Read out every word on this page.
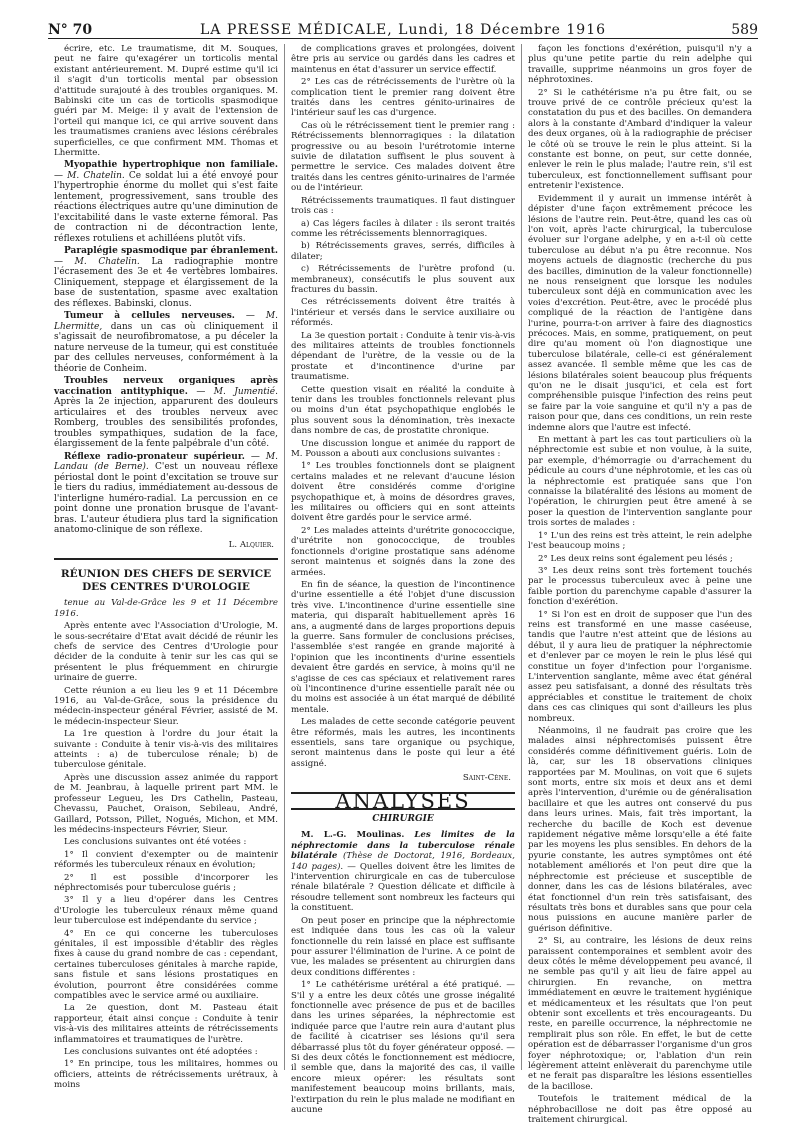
N° 70	LA PRESSE MÉDICALE, Lundi, 18 Décembre 1916	589

écrire, etc. Le traumatisme, dit M. Souques, peut ne faire qu'exagérer un torticolis mental existant antérieurement. M. Dupré estime qu'il ici il s'agit d'un torticolis mental par obsession d'attitude surajouté à des troubles organiques. M. Babinski cite un cas de torticolis spasmodique guéri par M. Meige: il y avait de l'extension de l'orteil qui manque ici, ce qui arrive souvent dans les traumatismes craniens avec lésions cérébrales superficielles, ce que confirment MM. Thomas et Lhermitte.

Myopathie hypertrophique non familiale. — M. Chatelin. Ce soldat lui a été envoyé pour l'hypertrophie énorme du mollet qui s'est faite lentement, progressivement, sans trouble des réactions électriques autre qu'une diminution de l'excitabilité dans le vaste externe fémoral. Pas de contraction ni de décontraction lente, réflexes rotuliens et achilléens plutôt vifs.

Paraplégie spasmodique par ébranlement. — M. Chatelin. La radiographie montre l'écrasement des 3e et 4e vertèbres lombaires. Cliniquement, steppage et élargissement de la base de sustentation, spasme avec exaltation des réflexes. Babinski, clonus.

Tumeur à cellules nerveuses. — M. Lhermitte, dans un cas où cliniquement il s'agissait de neurofibromatose, a pu déceler la nature nerveuse de la tumeur, qui est constituée par des cellules nerveuses, conformément à la théorie de Conheim.

Troubles nerveux organiques après vaccination antityphique. — M. Jumentié. Après la 2e injection, apparurent des douleurs articulaires et des troubles nerveux avec Romberg, troubles des sensibilités profondes, troubles sympathiques, sudation de la face, élargissement de la fente palpébrale d'un côté.

Réflexe radio-pronateur supérieur. — M. Landau (de Berne). C'est un nouveau réflexe périostal dont le point d'excitation se trouve sur le tiers du radius, immédiatement au-dessous de l'interligne huméro-radial. La percussion en ce point donne une pronation brusque de l'avant-bras. L'auteur étudiera plus tard la signification anatomo-clinique de son réflexe.

L. Alquier.
RÉUNION DES CHEFS DE SERVICE DES CENTRES D'UROLOGIE

tenue au Val-de-Grâce les 9 et 11 Décembre 1916.

Après entente avec l'Association d'Urologie, M. le sous-secrétaire d'Etat avait décidé de réunir les chefs de service des Centres d'Urologie pour décider de la conduite à tenir sur les cas qui se présentent le plus fréquemment en chirurgie urinaire de guerre.

Cette réunion a eu lieu les 9 et 11 Décembre 1916, au Val-de-Grâce, sous la présidence du médecin-inspecteur général Février, assisté de M. le médecin-inspecteur Sieur.

La 1re question à l'ordre du jour était la suivante : Conduite à tenir vis-à-vis des militaires atteints : a) de tuberculose rénale; b) de tuberculose génitale.

Après une discussion assez animée du rapport de M. Jeanbrau, à laquelle prirent part MM. le professeur Legueu, les Drs Cathelin, Pasteau, Chevassu, Pauchet, Oraison, Sebileau, André, Gaillard, Potsson, Pillet, Nogués, Michon, et MM. les médecins-inspecteurs Février, Sieur.

Les conclusions suivantes ont été votées :

1° Il convient d'exempter ou de maintenir réformés les tuberculeux rénaux en évolution;

2° Il est possible d'incorporer les néphrectomisés pour tuberculose guéris ;

3° Il y a lieu d'opérer dans les Centres d'Urologie les tuberculeux rénaux même quand leur tuberculose est indépendante du service ;

4° En ce qui concerne les tuberculoses génitales, il est impossible d'établir des règles fixes à cause du grand nombre de cas : cependant, certaines tuberculoses génitales à marche rapide, sans fistule et sans lésions prostatiques en évolution, pourront être considérées comme compatibles avec le service armé ou auxiliaire.

La 2e question, dont M. Pasteau était rapporteur, était ainsi conçue : Conduite à tenir vis-à-vis des militaires atteints de rétrécissements inflammatoires et traumatiques de l'urètre.

Les conclusions suivantes ont été adoptées :

1° En principe, tous les militaires, hommes ou officiers, atteints de rétrécissements urétraux, à moins

de complications graves et prolongées, doivent être pris au service ou gardés dans les cadres et maintenus en état d'assurer un service effectif.

2° Les cas de rétrécissements de l'urètre où la complication tient le premier rang doivent être traités dans les centres génito-urinaires de l'intérieur sauf les cas d'urgence.

Cas où le rétrécissement tient le premier rang : Rétrécissements blennorragiques : la dilatation progressive ou au besoin l'urétrotomie interne suivie de dilatation suffisent le plus souvent à permettre le service. Ces malades doivent être traités dans les centres génito-urinaires de l'armée ou de l'intérieur.

Rétrécissements traumatiques. Il faut distinguer trois cas :

a) Cas légers faciles à dilater : ils seront traités comme les rétrécissements blennorragiques.

b) Rétrécissements graves, serrés, difficiles à dilater;

c) Rétrécissements de l'urètre profond (u. membraneux), consécutifs le plus souvent aux fractures du bassin.

Ces rétrécissements doivent être traités à l'intérieur et versés dans le service auxiliaire ou réformés.

La 3e question portait : Conduite à tenir vis-à-vis des militaires atteints de troubles fonctionnels dépendant de l'urètre, de la vessie ou de la prostate et d'incontinence d'urine par traumatisme.

Cette question visait en réalité la conduite à tenir dans les troubles fonctionnels relevant plus ou moins d'un état psychopathique englobés le plus souvent sous la dénomination, très inexacte dans nombre de cas, de prostatite chronique.

Une discussion longue et animée du rapport de M. Pousson a abouti aux conclusions suivantes :

1° Les troubles fonctionnels dont se plaignent certains malades et ne relevant d'aucune lésion doivent être considérés comme d'origine psychopathique et, à moins de désordres graves, les militaires ou officiers qui en sont atteints doivent être gardés pour le service armé.

2° Les malades atteints d'urétrite gonococcique, d'urétrite non gonococcique, de troubles fonctionnels d'origine prostatique sans adénome seront maintenus et soignés dans la zone des armées.

En fin de séance, la question de l'incontinence d'urine essentielle a été l'objet d'une discussion très vive. L'incontinence d'urine essentielle sine materia, qui disparaît habituellement après 16 ans, a augmenté dans de larges proportions depuis la guerre. Sans formuler de conclusions précises, l'assemblée s'est rangée en grande majorité à l'opinion que les incontinents d'urine essentiels devaient être gardés en service, à moins qu'il ne s'agisse de ces cas spéciaux et relativement rares où l'incontinence d'urine essentielle paraît née ou du moins est associée à un état marqué de débilité mentale.

Les malades de cette seconde catégorie peuvent être réformés, mais les autres, les incontinents essentiels, sans tare organique ou psychique, seront maintenus dans le poste qui leur a été assigné.

Saint-Cène.
ANALYSES
CHIRURGIE

M. L.-G. Moulinas. Les limites de la néphrectomie dans la tuberculose rénale bilatérale (Thèse de Doctorat, 1916, Bordeaux, 140 pages). — Quelles doivent être les limites de l'intervention chirurgicale en cas de tuberculose rénale bilatérale ? Question délicate et difficile à résoudre tellement sont nombreux les facteurs qui la constituent.

On peut poser en principe que la néphrectomie est indiquée dans tous les cas où la valeur fonctionnelle du rein laissé en place est suffisante pour assurer l'élimination de l'urine. A ce point de vue, les malades se présentent au chirurgien dans deux conditions différentes :

1° Le cathétérisme urétéral a été pratiqué. — S'il y a entre les deux côtés une grosse inégalité fonctionnelle avec présence de pus et de bacilles dans les urines séparées, la néphrectomie est indiquée parce que l'autre rein aura d'autant plus de facilité à cicatriser ses lésions qu'il sera débarrassé plus tôt du foyer générateur opposé. — Si des deux côtés le fonctionnement est médiocre, il semble que, dans la majorité des cas, il vaille encore mieux opérer: les résultats sont manifestement beaucoup moins brillants, mais, l'extirpation du rein le plus malade ne modifiant en aucune

façon les fonctions d'exérétion, puisqu'il n'y a plus qu'une petite partie du rein adelphe qui travaille, supprime néanmoins un gros foyer de néphrotoxines.

2° Si le cathétérisme n'a pu être fait, ou se trouve privé de ce contrôle précieux qu'est la constatation du pus et des bacilles. On demandera alors à la constante d'Ambard d'indiquer la valeur des deux organes, où à la radiographie de préciser le côté où se trouve le rein le plus atteint. Si la constante est bonne, on peut, sur cette donnée, enlever le rein le plus malade; l'autre rein, s'il est tuberculeux, est fonctionnellement suffisant pour entretenir l'existence.

Evidemment il y aurait un immense intérêt à dépister d'une façon extrêmement précoce les lésions de l'autre rein. Peut-être, quand les cas où l'on voit, après l'acte chirurgical, la tuberculose évoluer sur l'organe adelphe, y en a-t-il où cette tuberculose au début n'a pu être reconnue. Nos moyens actuels de diagnostic (recherche du pus des bacilles, diminution de la valeur fonctionnelle) ne nous renseignent que lorsque les nodules tuberculeux sont déjà en communication avec les voies d'excrétion. Peut-être, avec le procédé plus compliqué de la réaction de l'antigène dans l'urine, pourra-t-on arriver à faire des diagnostics précoces. Mais, en somme, pratiquement, on peut dire qu'au moment où l'on diagnostique une tuberculose bilatérale, celle-ci est généralement assez avancée. Il semble même que les cas de lésions bilatérales soient beaucoup plus fréquents qu'on ne le disait jusqu'ici, et cela est fort compréhensible puisque l'infection des reins peut se faire par la voie sanguine et qu'il n'y a pas de raison pour que, dans ces conditions, un rein reste indemne alors que l'autre est infecté.

En mettant à part les cas tout particuliers où la néphrectomie est subie et non voulue, à la suite, par exemple, d'hémorragie ou d'arrachement du pédicule au cours d'une néphrotomie, et les cas où la néphrectomie est pratiquée sans que l'on connaisse la bilatéralité des lésions au moment de l'opération, le chirurgien peut être amené à se poser la question de l'intervention sanglante pour trois sortes de malades :

1° L'un des reins est très atteint, le rein adelphe l'est beaucoup moins ;

2° Les deux reins sont également peu lésés ;

3° Les deux reins sont très fortement touchés par le processus tuberculeux avec à peine une faible portion du parenchyme capable d'assurer la fonction d'exérétion.

1° Si l'on est en droit de supposer que l'un des reins est transformé en une masse caséeuse, tandis que l'autre n'est atteint que de lésions au début, il y aura lieu de pratiquer la néphrectomie et d'enlever par ce moyen le rein le plus lésé qui constitue un foyer d'infection pour l'organisme. L'intervention sanglante, même avec état général assez peu satisfaisant, a donné des résultats très appréciables et constitue le traitement de choix dans ces cas cliniques qui sont d'ailleurs les plus nombreux.

Néanmoins, il ne faudrait pas croire que les malades ainsi néphrectomisés puissent être considérés comme définitivement guéris. Loin de là, car, sur les 18 observations cliniques rapportées par M. Moulinas, on voit que 6 sujets sont morts, entre six mois et deux ans et demi après l'intervention, d'urémie ou de généralisation bacillaire et que les autres ont conservé du pus dans leurs urines. Mais, fait très important, la recherche du bacille de Koch est devenue rapidement négative même lorsqu'elle a été faite par les moyens les plus sensibles. En dehors de la pyurie constante, les autres symptômes ont été notablement améliorés et l'on peut dire que la néphrectomie est précieuse et susceptible de donner, dans les cas de lésions bilatérales, avec état fonctionnel d'un rein très satisfaisant, des résultats très bons et durables sans que pour cela nous puissions en aucune manière parler de guérison définitive.

2° Si, au contraire, les lésions de deux reins paraissent contemporaines et semblent avoir des deux côtés le même développement peu avancé, il ne semble pas qu'il y ait lieu de faire appel au chirurgien. En revanche, on mettra immédiatement en œuvre le traitement hygiénique et médicamenteux et les résultats que l'on peut obtenir sont excellents et très encourageants. Du reste, en pareille occurrence, la néphrectomie ne remplirait plus son rôle. En effet, le but de cette opération est de débarrasser l'organisme d'un gros foyer néphrotoxique; or, l'ablation d'un rein légèrement atteint enlèverait du parenchyme utile et ne ferait pas disparaître les lésions essentielles de la bacillose.

Toutefois le traitement médical de la néphrobacillose ne doit pas être opposé au traitement chirurgical.
